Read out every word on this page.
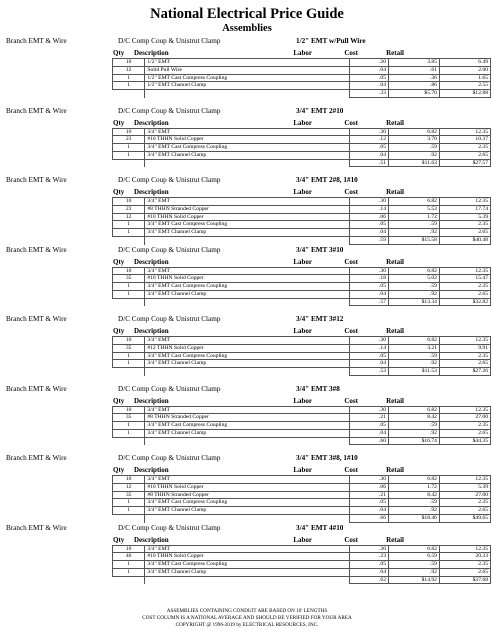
National Electrical Price Guide
Assemblies
Branch EMT & Wire	D/C Comp Coup & Unistrut Clamp	1/2" EMT w/Pull Wire
Qty Description	Labor	Cost	Retail
10	1/2" EMT	.20	3.85	6.49
12	Solid Pull Wire	.04	.61	2.00
1	1/2" EMT Cast Compress Coupling	.05	.36	1.65
1	1/2" EMT Channel Clamp	.04	.86	2.55
		.33	$5.70	$12.88
Branch EMT & Wire	D/C Comp Coup & Unistrut Clamp	3/4" EMT 2#10
Qty Description	Labor	Cost	Retail
10	3/4" EMT	.30	6.82	12.35
23	#10 THHN Solid Copper	.12	3.70	10.37
1	3/4" EMT Cast Compress Coupling	.05	.59	2.35
1	3/4" EMT Channel Clamp	.04	.92	2.65
		.51	$11.63	$27.57
Branch EMT & Wire	D/C Comp Coup & Unistrut Clamp	3/4" EMT 2#8, 1#10
Qty Description	Labor	Cost	Retail
10	3/4" EMT	.30	6.82	12.35
23	#8 THHN Stranded Copper	.14	5.53	17.74
12	#10 THHN Solid Copper	.06	1.72	5.39
1	3/4" EMT Cast Compress Coupling	.05	.59	2.35
1	3/4" EMT Channel Clamp	.04	.92	2.65
		.59	$15.58	$40.48
Branch EMT & Wire	D/C Comp Coup & Unistrut Clamp	3/4" EMT 3#10
Qty Description	Labor	Cost	Retail
10	3/4" EMT	.30	6.82	12.35
35	#10 THHN Solid Copper	.18	5.02	15.47
1	3/4" EMT Cast Compress Coupling	.05	.59	2.35
1	3/4" EMT Channel Clamp	.04	.92	2.65
		.57	$13.34	$32.82
Branch EMT & Wire	D/C Comp Coup & Unistrut Clamp	3/4" EMT 3#12
Qty Description	Labor	Cost	Retail
10	3/4" EMT	.30	6.82	12.35
35	#12 THHN Solid Copper	.14	3.21	9.91
1	3/4" EMT Cast Compress Coupling	.05	.59	2.35
1	3/4" EMT Channel Clamp	.04	.92	2.65
		.53	$11.53	$27.26
Branch EMT & Wire	D/C Comp Coup & Unistrut Clamp	3/4" EMT 3#8
Qty Description	Labor	Cost	Retail
10	3/4" EMT	.30	6.82	12.35
35	#8 THHN Stranded Copper	.21	8.42	27.00
1	3/4" EMT Cast Compress Coupling	.05	.59	2.35
1	3/4" EMT Channel Clamp	.04	.92	2.65
		.60	$16.74	$44.35
Branch EMT & Wire	D/C Comp Coup & Unistrut Clamp	3/4" EMT 3#8, 1#10
Qty Description	Labor	Cost	Retail
10	3/4" EMT	.30	6.82	12.35
12	#10 THHN Solid Copper	.06	1.72	5.39
35	#8 THHN Stranded Copper	.21	8.42	27.00
1	3/4" EMT Cast Compress Coupling	.05	.59	2.35
1	3/4" EMT Channel Clamp	.04	.92	2.65
		.66	$18.46	$49.65
Branch EMT & Wire	D/C Comp Coup & Unistrut Clamp	3/4" EMT 4#10
Qty Description	Labor	Cost	Retail
10	3/4" EMT	.30	6.82	12.35
46	#10 THHN Solid Copper	.23	6.59	20.33
1	3/4" EMT Cast Compress Coupling	.05	.59	2.35
1	3/4" EMT Channel Clamp	.04	.92	2.65
		.62	$14.92	$37.68
ASSEMBLIES CONTAINING CONDUIT ARE BASED ON 10' LENGTHS
COST COLUMN IS A NATIONAL AVERAGE AND SHOULD BE VERIFIED FOR YOUR AREA
COPYRIGHT @ 1996-2019 by ELECTRICAL RESOURCES, INC.
